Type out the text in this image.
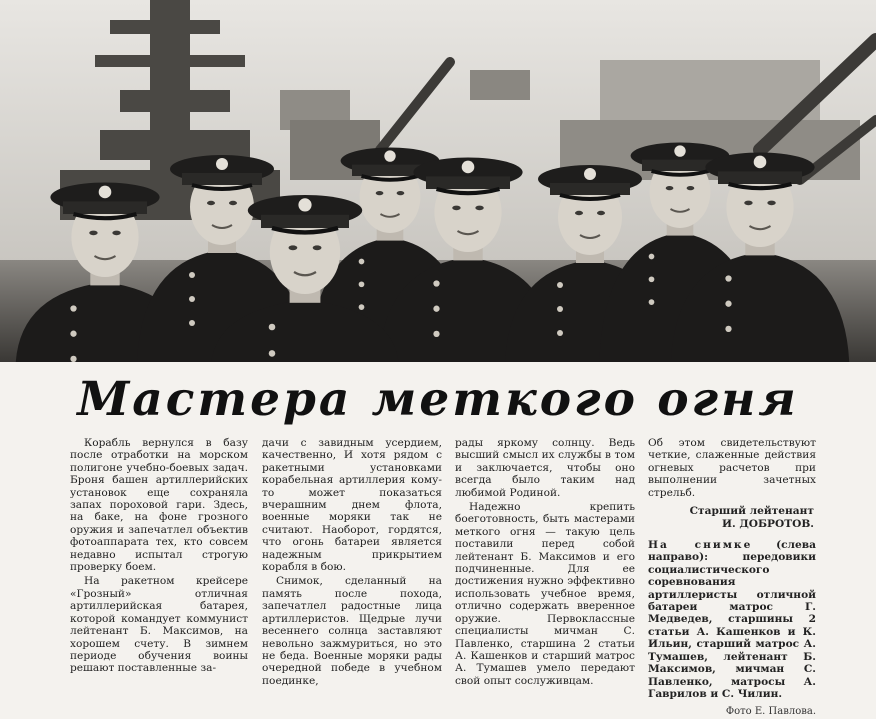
Мастера меткого огня

Корабль вернулся в базу после отработки на морском полигоне учебно-боевых задач. Броня башен артиллерийских установок еще сохраняла запах пороховой гари. Здесь, на баке, на фоне грозного оружия и запечатлел объектив фотоаппарата тех, кто совсем недавно испытал строгую проверку боем.

На ракетном крейсере «Грозный» отличная артиллерийская батарея, которой командует коммунист лейтенант Б. Максимов, на хорошем счету. В зимнем периоде обучения воины решают поставленные за-

дачи с завидным усердием, качественно, И хотя рядом с ракетными установками корабельная артиллерия кому-то может показаться вчерашним днем флота, военные моряки так не считают. Наоборот, гордятся, что огонь батареи является надежным прикрытием корабля в бою.

Снимок, сделанный на память после похода, запечатлел радостные лица артиллеристов. Щедрые лучи весеннего солнца заставляют невольно зажмуриться, но это не беда. Военные моряки рады очередной победе в учебном поединке,

рады яркому солнцу. Ведь высший смысл их службы в том и заключается, чтобы оно всегда было таким над любимой Родиной.

Надежно крепить боеготовность, быть мастерами меткого огня — такую цель поставили перед собой лейтенант Б. Максимов и его подчиненные. Для ее достижения нужно эффективно использовать учебное время, отлично содержать вверенное оружие. Первоклассные специалисты мичман С. Павленко, старшина 2 статьи А. Кашенков и старший матрос А. Тумашев умело передают свой опыт сослуживцам.

Об этом свидетельствуют четкие, слаженные действия огневых расчетов при выполнении зачетных стрельб.

Старший лейтенант
И. ДОБРОТОВ.

На снимке (слева направо): передовики социалистического соревнования артиллеристы отличной батареи матрос Г. Медведев, старшины 2 статьи А. Кашенков и К. Ильин, старший матрос А. Тумашев, лейтенант Б. Максимов, мичман С. Павленко, матросы А. Гаврилов и С. Чилин.

Фото Е. Павлова.
